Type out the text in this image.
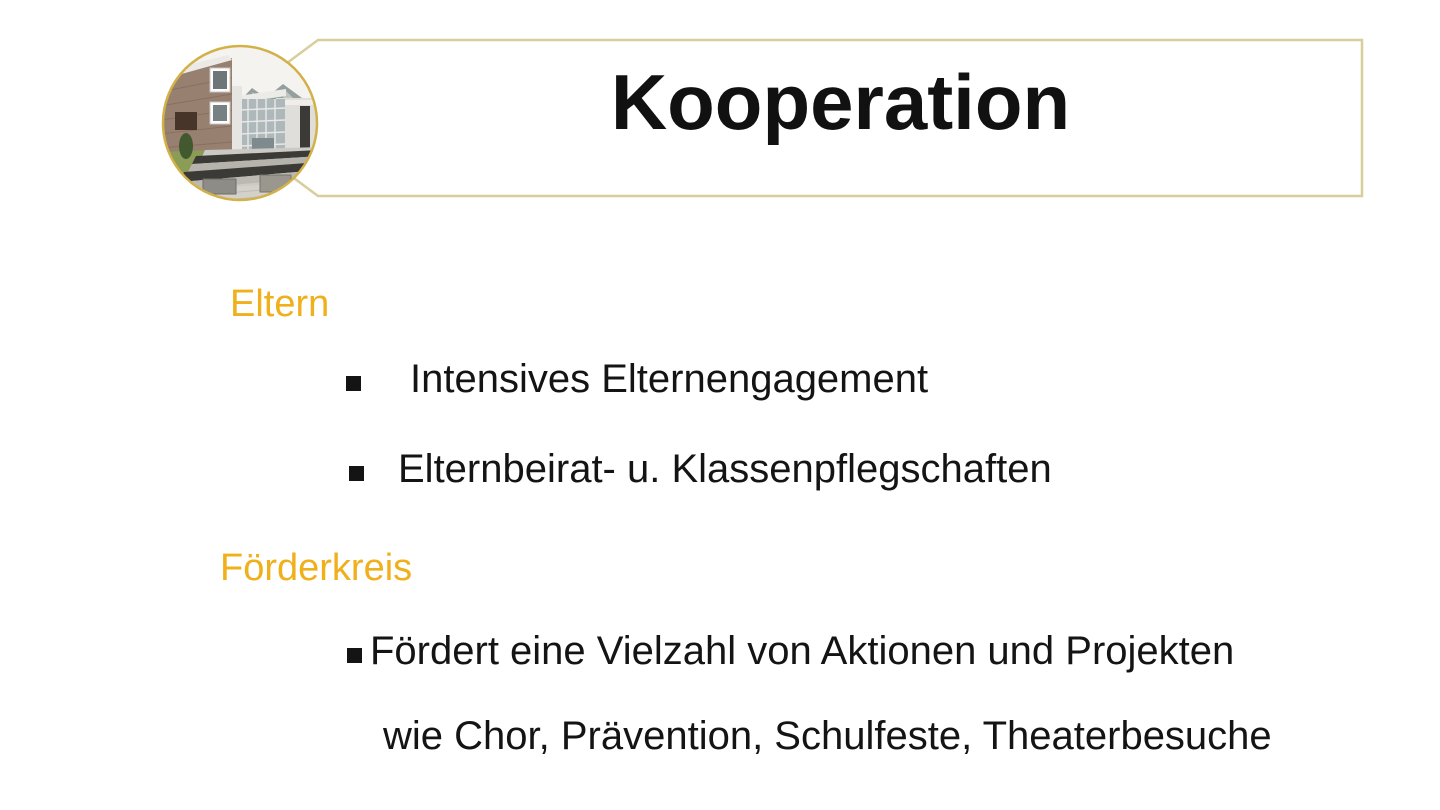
Kooperation
Eltern
Intensives Elternengagement
Elternbeirat- u. Klassenpflegschaften
Förderkreis
Fördert eine Vielzahl von Aktionen und Projekten
wie Chor, Prävention, Schulfeste, Theaterbesuche
